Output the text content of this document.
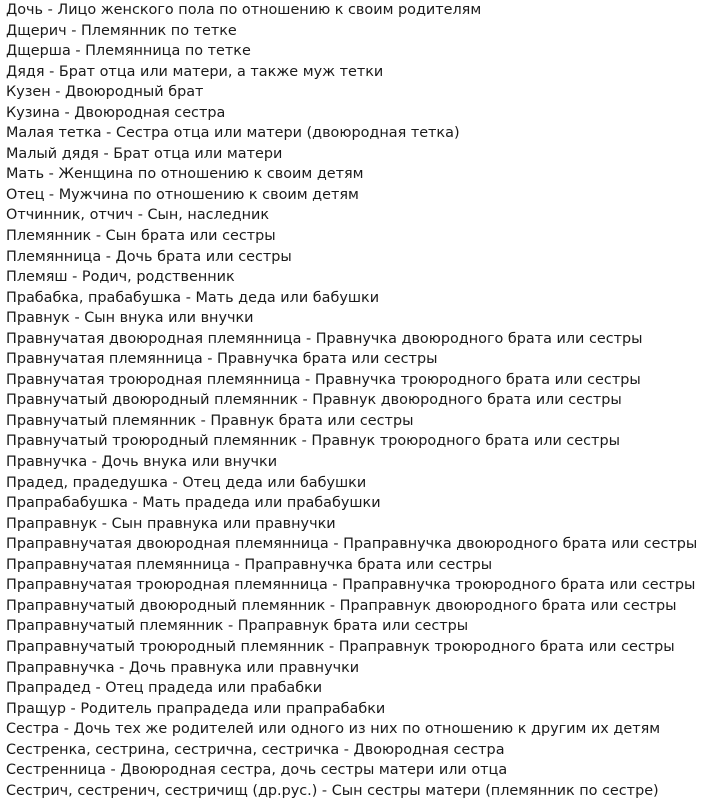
Дочь - Лицо женского пола по отношению к своим родителям
Дщерич - Племянник по тетке
Дщерша - Племянница по тетке
Дядя - Брат отца или матери, а также муж тетки
Кузен - Двоюродный брат
Кузина - Двоюродная сестра
Малая тетка - Сестра отца или матери (двоюродная тетка)
Малый дядя - Брат отца или матери
Мать - Женщина по отношению к своим детям
Отец - Мужчина по отношению к своим детям
Отчинник, отчич - Сын, наследник
Племянник - Сын брата или сестры
Племянница - Дочь брата или сестры
Племяш - Родич, родственник
Прабабка, прабабушка - Мать деда или бабушки
Правнук - Сын внука или внучки
Правнучатая двоюродная племянница - Правнучка двоюродного брата или сестры
Правнучатая племянница - Правнучка брата или сестры
Правнучатая троюродная племянница - Правнучка троюродного брата или сестры
Правнучатый двоюродный племянник - Правнук двоюродного брата или сестры
Правнучатый племянник - Правнук брата или сестры
Правнучатый троюродный племянник - Правнук троюродного брата или сестры
Правнучка - Дочь внука или внучки
Прадед, прадедушка - Отец деда или бабушки
Прапрабабушка - Мать прадеда или прабабушки
Праправнук - Сын правнука или правнучки
Праправнучатая двоюродная племянница - Праправнучка двоюродного брата или сестры
Праправнучатая племянница - Праправнучка брата или сестры
Праправнучатая троюродная племянница - Праправнучка троюродного брата или сестры
Праправнучатый двоюродный племянник - Праправнук двоюродного брата или сестры
Праправнучатый племянник - Праправнук брата или сестры
Праправнучатый троюродный племянник - Праправнук троюродного брата или сестры
Праправнучка - Дочь правнука или правнучки
Прапрадед - Отец прадеда или прабабки
Пращур - Родитель прапрадеда или прапрабабки
Сестра - Дочь тех же родителей или одного из них по отношению к другим их детям
Сестренка, сестрина, сестрична, сестричка - Двоюродная сестра
Сестренница - Двоюродная сестра, дочь сестры матери или отца
Сестрич, сестренич, сестричищ (др.рус.) - Сын сестры матери (племянник по сестре)
